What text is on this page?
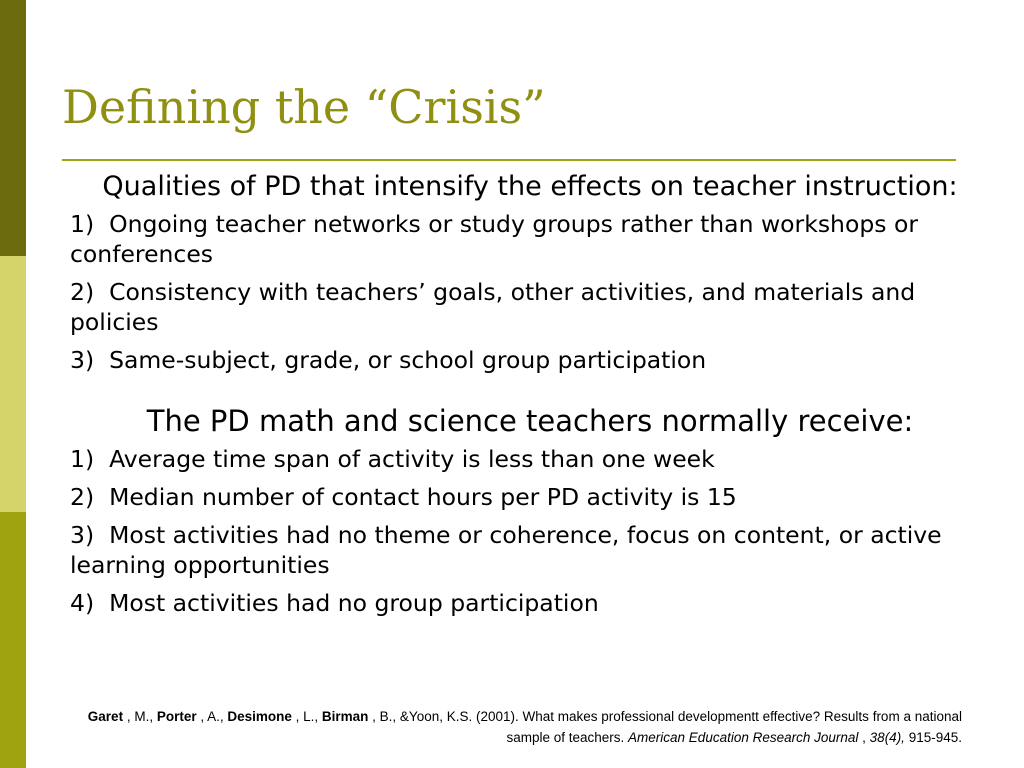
Defining the “Crisis”

Qualities of PD that intensify the effects on teacher instruction:

1) Ongoing teacher networks or study groups rather than workshops or conferences
2) Consistency with teachers’ goals, other activities, and materials and policies
3) Same-subject, grade, or school group participation

The PD math and science teachers normally receive:

1) Average time span of activity is less than one week
2) Median number of contact hours per PD activity is 15
3) Most activities had no theme or coherence, focus on content, or active learning opportunities
4) Most activities had no group participation
Garet , M., Porter , A., Desimone , L., Birman , B., &Yoon, K.S. (2001). What makes professional developmentt effective? Results from a national sample of teachers. American Education Research Journal , 38(4), 915-945.
